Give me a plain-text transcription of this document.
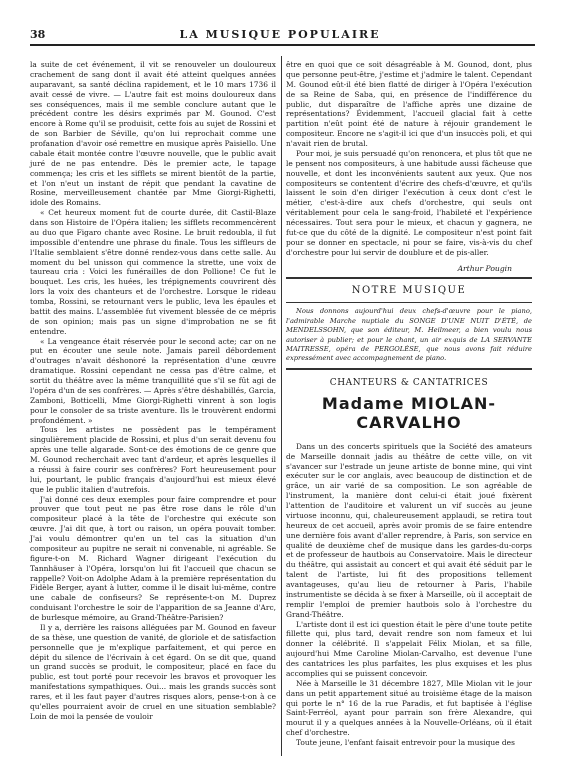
38	LA MUSIQUE POPULAIRE

la suite de cet événement, il vit se renouveler un douloureux crachement de sang dont il avait été atteint quelques années auparavant, sa santé déclina rapidement, et le 10 mars 1736 il avait cessé de vivre. — L'autre fait est moins douloureux dans ses conséquences, mais il me semble conclure autant que le précédent contre les désirs exprimés par M. Gounod. C'est encore à Rome qu'il se produisit, cette fois au sujet de Rossini et de son Barbier de Séville, qu'on lui reprochait comme une profanation d'avoir osé remettre en musique après Paisiello. Une cabale était montée contre l'œuvre nouvelle, que le public avait juré de ne pas entendre. Dès le premier acte, le tapage commença; les cris et les sifflets se mirent bientôt de la partie, et l'on n'eut un instant de répit que pendant la cavatine de Rosine, merveilleusement chantée par Mme Giorgi-Righetti, idole des Romains.

« Cet heureux moment fut de courte durée, dit Castil-Blaze dans son Histoire de l'Opéra italien; les sifflets recommencèrent au duo que Figaro chante avec Rosine. Le bruit redoubla, il fut impossible d'entendre une phrase du finale. Tous les siffleurs de l'Italie semblaient s'être donné rendez-vous dans cette salle. Au moment du bel unisson qui commence la strette, une voix de taureau cria : Voici les funérailles de don Pollione! Ce fut le bouquet. Les cris, les huées, les trépignements couvrirent dès lors la voix des chanteurs et de l'orchestre. Lorsque le rideau tomba, Rossini, se retournant vers le public, leva les épaules et battit des mains. L'assemblée fut vivement blessée de ce mépris de son opinion; mais pas un signe d'improbation ne se fit entendre.

« La vengeance était réservée pour le second acte; car on ne put en écouter une seule note. Jamais pareil débordement d'outrages n'avait déshonoré la représentation d'une œuvre dramatique. Rossini cependant ne cessa pas d'être calme, et sortit du théâtre avec la même tranquillité que s'il se fût agi de l'opéra d'un de ses confrères. — Après s'être déshabillés, Garcia, Zamboni, Botticelli, Mme Giorgi-Righetti vinrent à son logis pour le consoler de sa triste aventure. Ils le trouvèrent endormi profondément. »

Tous les artistes ne possèdent pas le tempérament singulièrement placide de Rossini, et plus d'un serait devenu fou après une telle algarade. Sont-ce des émotions de ce genre que M. Gounod recherchait avec tant d'ardeur, et après lesquelles il a réussi à faire courir ses confrères? Fort heureusement pour lui, pourtant, le public français d'aujourd'hui est mieux élevé que le public italien d'autrefois.

J'ai donné ces deux exemples pour faire comprendre et pour prouver que tout peut ne pas être rose dans le rôle d'un compositeur placé à la tête de l'orchestre qui exécute son œuvre. J'ai dit que, à tort ou raison, un opéra pouvait tomber. J'ai voulu démontrer qu'en un tel cas la situation d'un compositeur au pupitre ne serait ni convenable, ni agréable. Se figure-t-on M. Richard Wagner dirigeant l'exécution du Tannhäuser à l'Opéra, lorsqu'on lui fit l'accueil que chacun se rappelle? Voit-on Adolphe Adam à la première représentation du Fidèle Berger, ayant à lutter, comme il le disait lui-même, contre une cabale de confiseurs? Se représente-t-on M. Duprez conduisant l'orchestre le soir de l'apparition de sa Jeanne d'Arc, de burlesque mémoire, au Grand-Théâtre-Parisien?

Il y a, derrière les raisons alléguées par M. Gounod en faveur de sa thèse, une question de vanité, de gloriole et de satisfaction personnelle que je m'explique parfaitement, et qui perce en dépit du silence de l'écrivain à cet égard. On se dit que, quand un grand succès se produit, le compositeur, placé en face du public, est tout porté pour recevoir les bravos et provoquer les manifestations sympathiques. Oui... mais les grands succès sont rares, et il les faut payer d'autres risques alors, pense-t-on à ce qu'elles pourraient avoir de cruel en une situation semblable? Loin de moi la pensée de vouloir

être en quoi que ce soit désagréable à M. Gounod, dont, plus que personne peut-être, j'estime et j'admire le talent. Cependant M. Gounod eût-il été bien flatté de diriger à l'Opéra l'exécution de sa Reine de Saba, qui, en présence de l'indifférence du public, dut disparaître de l'affiche après une dizaine de représentations? Évidemment, l'accueil glacial fait à cette partition n'eût point été de nature à réjouir grandement le compositeur. Encore ne s'agit-il ici que d'un insuccès poli, et qui n'avait rien de brutal.

Pour moi, je suis persuadé qu'on renoncera, et plus tôt que ne le pensent nos compositeurs, à une habitude aussi fâcheuse que nouvelle, et dont les inconvénients sautent aux yeux. Que nos compositeurs se contentent d'écrire des chefs-d'œuvre, et qu'ils laissent le soin d'en diriger l'exécution à ceux dont c'est le métier, c'est-à-dire aux chefs d'orchestre, qui seuls ont véritablement pour cela le sang-froid, l'habileté et l'expérience nécessaires. Tout sera pour le mieux, et chacun y gagnera, ne fut-ce que du côté de la dignité. Le compositeur n'est point fait pour se donner en spectacle, ni pour se faire, vis-à-vis du chef d'orchestre pour lui servir de doublure et de pis-aller.

Arthur Pougin

NOTRE MUSIQUE

Nous donnons aujourd'hui deux chefs-d'œuvre pour le piano, l'admirable Marche nuptiale du SONGE D'UNE NUIT D'ÉTÉ, de MENDELSSOHN, que son éditeur, M. Heilmeer, a bien voulu nous autoriser à publier; et pour le chant, un air exquis de LA SERVANTE MAITRESSE, opéra de PERGOLÈSE, que nous avons fait réduire expressément avec accompagnement de piano.

CHANTEURS & CANTATRICES
Madame MIOLAN-CARVALHO

Dans un des concerts spirituels que la Société des amateurs de Marseille donnait jadis au théâtre de cette ville, on vit s'avancer sur l'estrade un jeune artiste de bonne mine, qui vint exécuter sur le cor anglais, avec beaucoup de distinction et de grâce, un air varié de sa composition. Le son agréable de l'instrument, la manière dont celui-ci était joué fixèrent l'attention de l'auditoire et valurent un vif succès au jeune virtuose inconnu, qui, chaleureusement applaudi, se retira tout heureux de cet accueil, après avoir promis de se faire entendre une dernière fois avant d'aller reprendre, à Paris, son service en qualité de deuxième chef de musique dans les gardes-du-corps et de professeur de hautbois au Conservatoire. Mais le directeur du théâtre, qui assistait au concert et qui avait été séduit par le talent de l'artiste, lui fit des propositions tellement avantageuses, qu'au lieu de retourner à Paris, l'habile instrumentiste se décida à se fixer à Marseille, où il acceptait de remplir l'emploi de premier hautbois solo à l'orchestre du Grand-Théâtre.

L'artiste dont il est ici question était le père d'une toute petite fillette qui, plus tard, devait rendre son nom fameux et lui donner la célébrité. Il s'appelait Félix Miolan, et sa fille, aujourd'hui Mme Caroline Miolan-Carvalho, est devenue l'une des cantatrices les plus parfaites, les plus exquises et les plus accomplies qui se puissent concevoir.

Née à Marseille le 31 décembre 1827, Mlle Miolan vit le jour dans un petit appartement situé au troisième étage de la maison qui porte le n° 16 de la rue Paradis, et fut baptisée à l'église Saint-Ferréol, ayant pour parrain son frère Alexandre, qui mourut il y a quelques années à la Nouvelle-Orléans, où il était chef d'orchestre.

Toute jeune, l'enfant faisait entrevoir pour la musique des
